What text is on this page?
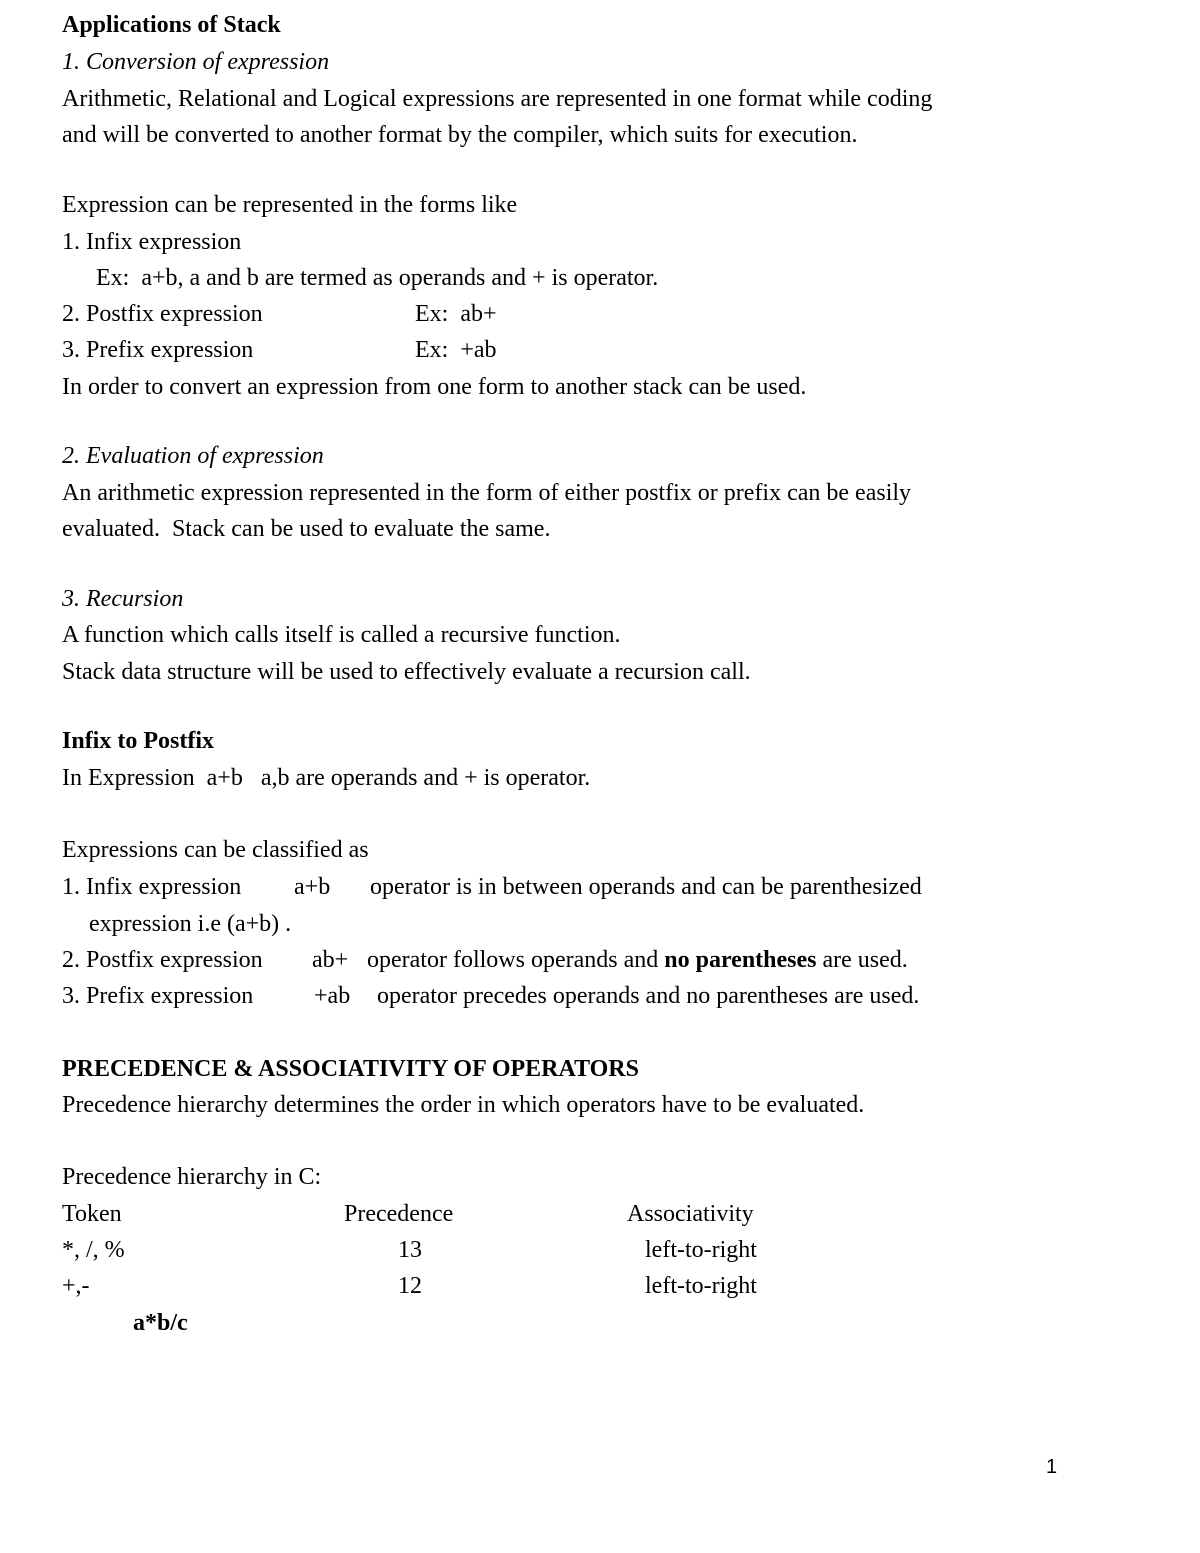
Applications of Stack
1. Conversion of expression
Arithmetic, Relational and Logical expressions are represented in one format while coding
and will be converted to another format by the compiler, which suits for execution.
Expression can be represented in the forms like
1. Infix expression
Ex:  a+b, a and b are termed as operands and + is operator.
2. Postfix expression	Ex:  ab+
3. Prefix expression	Ex:  +ab
In order to convert an expression from one form to another stack can be used.
2. Evaluation of expression
An arithmetic expression represented in the form of either postfix or prefix can be easily
evaluated.  Stack can be used to evaluate the same.
3. Recursion
A function which calls itself is called a recursive function.
Stack data structure will be used to effectively evaluate a recursion call.
Infix to Postfix
In Expression  a+b   a,b are operands and + is operator.
Expressions can be classified as
1. Infix expression a+b operator is in between operands and can be parenthesized
expression i.e (a+b) .
2. Postfix expression ab+ operator follows operands and no parentheses are used.
3. Prefix expression	+ab operator precedes operands and no parentheses are used.
PRECEDENCE & ASSOCIATIVITY OF OPERATORS
Precedence hierarchy determines the order in which operators have to be evaluated.
Precedence hierarchy in C:
Token	Precedence	Associativity
*, /, %	13	left-to-right
+,-	12	left-to-right
a*b/c
1
